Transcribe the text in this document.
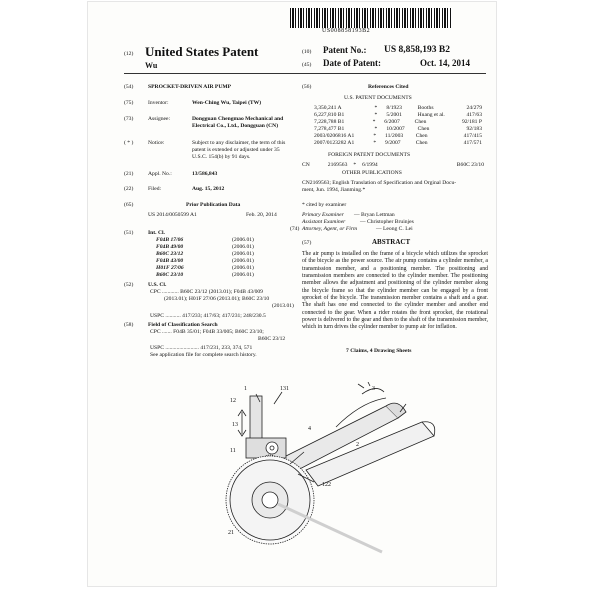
US008858193B2
(12) United States Patent
Wu
(10) Patent No.: US 8,858,193 B2
(45) Date of Patent:	Oct. 14, 2014
(54)	SPROCKET-DRIVEN AIR PUMP
(75)	Inventor:	Wen-Ching Wu, Taipei (TW)
(73)	Assignee:	Dongguan Chengmao Mechanical and
Electrical Co., Ltd., Dongguan (CN)
( * )	Notice:	Subject to any disclaimer, the term of this
patent is extended or adjusted under 35
U.S.C. 154(b) by 91 days.
(21)	Appl. No.:	13/586,843
(22)	Filed:	Aug. 15, 2012
(65)	Prior Publication Data
US 2014/0050599 A1	Feb. 20, 2014
(51)	Int. Cl.
F04B 17/06	(2006.01)
F04B 49/00	(2006.01)
B60C 23/12	(2006.01)
F04B 43/00	(2006.01)
H01F 27/06	(2006.01)
B60C 23/10	(2006.01)
(52)	U.S. Cl.
CPC ............ B60C 23/12 (2013.01); F04B 43/009
(2013.01); H01F 27/06 (2013.01); B60C 23/10
(2013.01)
USPC ........... 417/233; 417/63; 417/231; 248/230.5
(58)	Field of Classification Search
CPC ....... F04B 35/01; F04B 33/005; B60C 23/10;
B60C 23/12
USPC ........................ 417/231, 233, 374, 571
See application file for complete search history.
(56)	References Cited
U.S. PATENT DOCUMENTS
3,350,241 A	*	8/1923	Booths	24/279
6,227,810 B1	*	5/2001	Huang et al.	417/63
7,228,788 B1	*	6/2007	Chen	92/181 P
7,278,477 B1	*	10/2007	Chen	92/183
2003/0206816 A1	*	11/2003	Chen	417/415
2007/0123282 A1	*	9/2007	Chen	417/571
FOREIGN PATENT DOCUMENTS
CN	2169563 * 6/1994	B60C 23/10
OTHER PUBLICATIONS
CN2169563; English Translation of Specification and Orginal Docu-
ment, Jun. 1994, Jianming.*
* cited by examiner
Primary Examiner — Bryan Lettman
Assistant Examiner	— Christopher Bruinjes
(74) Attorney, Agent, or Firm	— Leong C. Lei
(57)	ABSTRACT
The air pump is installed on the frame of a bicycle which utilizes the sprocket of the bicycle as the power source. The air pump contains a cylinder member, a transmission member, and a positioning member. The positioning and transmission members are connected to the cylinder member. The positioning member allows the adjustment and positioning of the cylinder member along the bicycle frame so that the cylinder member can be engaged by a front sprocket of the bicycle. The transmission member contains a shaft and a gear. The shaft has one end connected to the cylinder member and another end connected to the gear. When a rider rotates the front sprocket, the rotational power is delivered to the gear and then to the shaft of the transmission member, which in turn drives the cylinder member to pump air for inflation.
7 Claims, 4 Drawing Sheets
3
2
131
1
12
11
4
13
122
21
